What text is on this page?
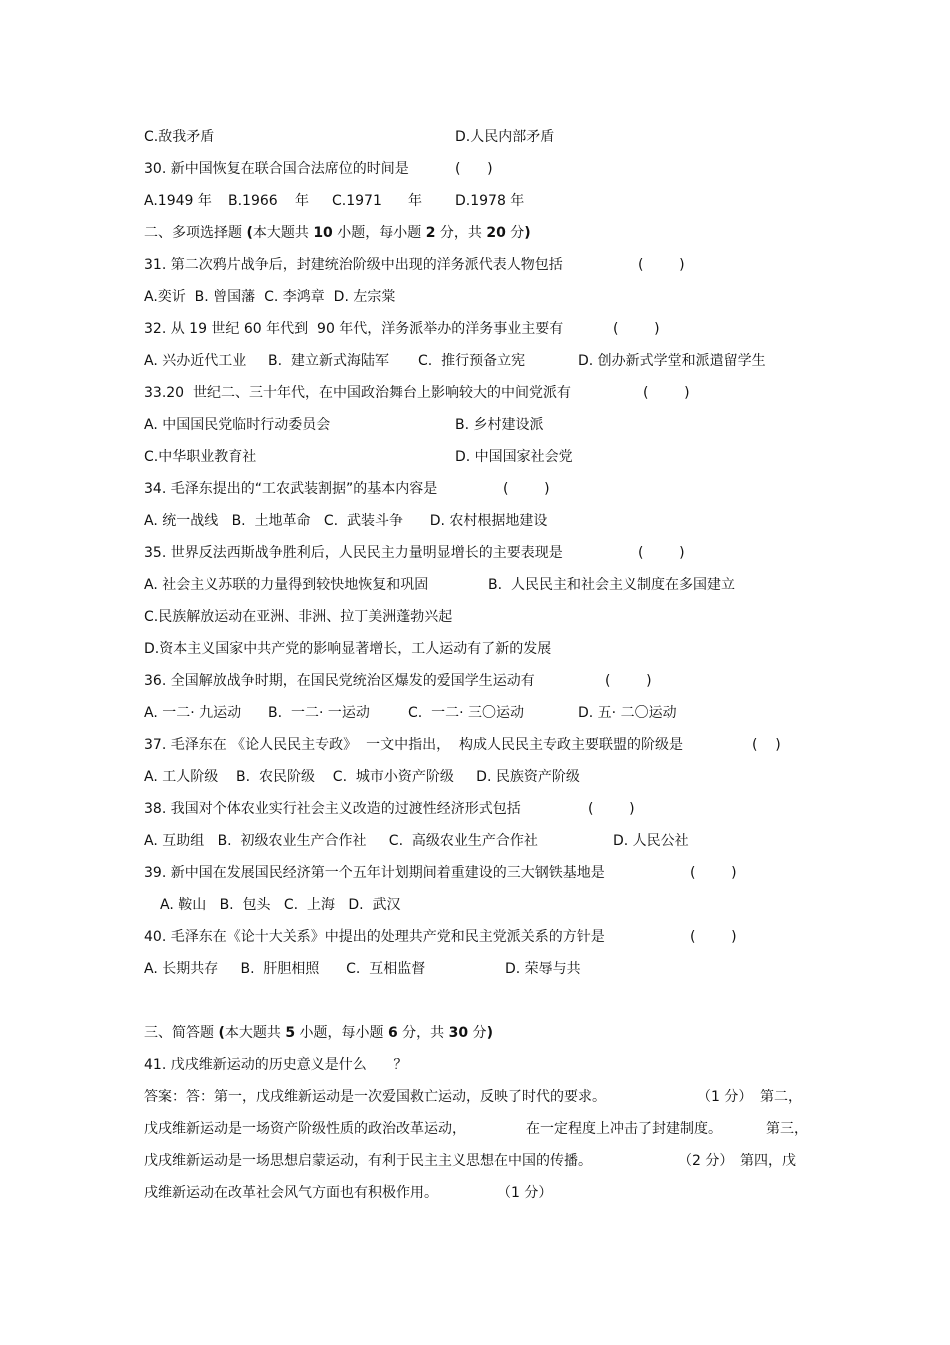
C.敌我矛盾	D.人民内部矛盾
30. 新中国恢复在联合国合法席位的时间是	(      )
A.1949 年 B.1966 年 C.1971 年 D.1978 年
二、多项选择题 (本大题共 10 小题，每小题 2 分，共 20 分)
31. 第二次鸦片战争后，封建统治阶级中出现的洋务派代表人物包括	(        )
A.奕䜣  B. 曾国藩  C. 李鸿章  D. 左宗棠
32. 从 19 世纪 60 年代到  90 年代，洋务派举办的洋务事业主要有	(        )
A. 兴办近代工业 B.  建立新式海陆军 C.  推行预备立宪	D. 创办新式学堂和派遣留学生
33.20  世纪二、三十年代，在中国政治舞台上影响较大的中间党派有	(        )
A. 中国国民党临时行动委员会	B. 乡村建设派
C.中华职业教育社	D. 中国国家社会党
34. 毛泽东提出的“工农武装割据”的基本内容是	(        )
A. 统一战线   B.  土地革命   C.  武装斗争      D. 农村根据地建设
35. 世界反法西斯战争胜利后，人民民主力量明显增长的主要表现是	(        )
A. 社会主义苏联的力量得到较快地恢复和巩固	B.  人民民主和社会主义制度在多国建立
C.民族解放运动在亚洲、非洲、拉丁美洲蓬勃兴起
D.资本主义国家中共产党的影响显著增长，工人运动有了新的发展
36. 全国解放战争时期，在国民党统治区爆发的爱国学生运动有	(        )
A. 一二· 九运动 B.  一二· 一运动	C.  一二· 三〇运动	D. 五· 二〇运动
37. 毛泽东在 《论人民民主专政》  一文中指出，  构成人民民主专政主要联盟的阶级是	(    )
A. 工人阶级    B.  农民阶级    C.  城市小资产阶级     D. 民族资产阶级
38. 我国对个体农业实行社会主义改造的过渡性经济形式包括	(        )
A. 互助组   B.  初级农业生产合作社     C.  高级农业生产合作社	D. 人民公社
39. 新中国在发展国民经济第一个五年计划期间着重建设的三大钢铁基地是	(        )
A. 鞍山   B.  包头   C.  上海   D.  武汉
40. 毛泽东在《论十大关系》中提出的处理共产党和民主党派关系的方针是	(        )
A. 长期共存     B.  肝胆相照      C.  互相监督	D. 荣辱与共
三、简答题 (本大题共 5 小题，每小题 6 分，共 30 分)
41. 戊戌维新运动的历史意义是什么      ？
答案：答：第一，戊戌维新运动是一次爱国救亡运动，反映了时代的要求。	（1 分） 第二，
戊戌维新运动是一场资产阶级性质的政治改革运动，	在一定程度上冲击了封建制度。	第三，
戊戌维新运动是一场思想启蒙运动，有利于民主主义思想在中国的传播。	（2 分） 第四，戊
戌维新运动在改革社会风气方面也有积极作用。	（1 分）
